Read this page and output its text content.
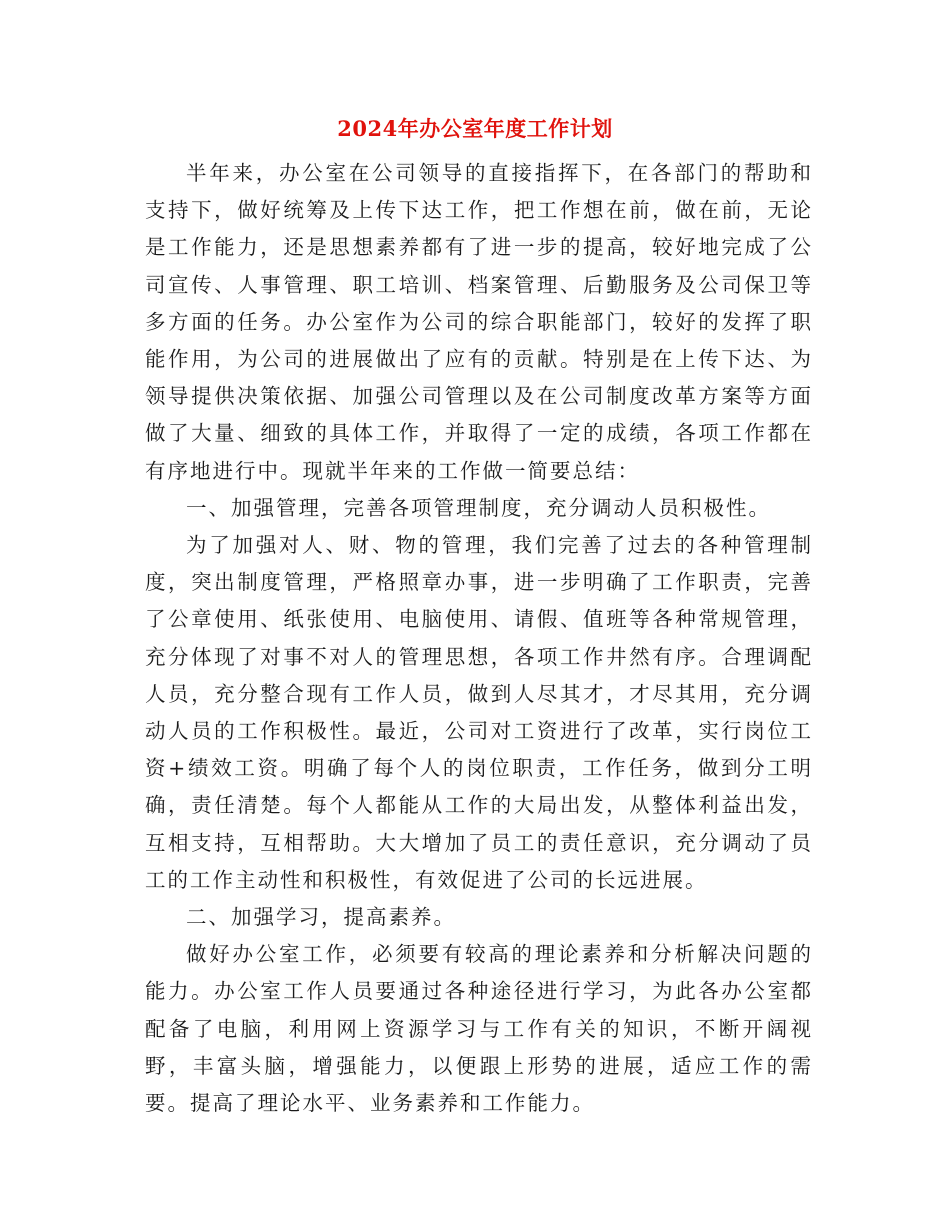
2024年办公室年度工作计划

半年来，办公室在公司领导的直接指挥下，在各部门的帮助和支持下，做好统筹及上传下达工作，把工作想在前，做在前，无论是工作能力，还是思想素养都有了进一步的提高，较好地完成了公司宣传、人事管理、职工培训、档案管理、后勤服务及公司保卫等多方面的任务。办公室作为公司的综合职能部门，较好的发挥了职能作用，为公司的进展做出了应有的贡献。特别是在上传下达、为领导提供决策依据、加强公司管理以及在公司制度改革方案等方面做了大量、细致的具体工作，并取得了一定的成绩，各项工作都在有序地进行中。现就半年来的工作做一简要总结：

一、加强管理，完善各项管理制度，充分调动人员积极性。

为了加强对人、财、物的管理，我们完善了过去的各种管理制度，突出制度管理，严格照章办事，进一步明确了工作职责，完善了公章使用、纸张使用、电脑使用、请假、值班等各种常规管理，充分体现了对事不对人的管理思想，各项工作井然有序。合理调配人员，充分整合现有工作人员，做到人尽其才，才尽其用，充分调动人员的工作积极性。最近，公司对工资进行了改革，实行岗位工资+绩效工资。明确了每个人的岗位职责，工作任务，做到分工明确，责任清楚。每个人都能从工作的大局出发，从整体利益出发，互相支持，互相帮助。大大增加了员工的责任意识，充分调动了员工的工作主动性和积极性，有效促进了公司的长远进展。

二、加强学习，提高素养。

做好办公室工作，必须要有较高的理论素养和分析解决问题的能力。办公室工作人员要通过各种途径进行学习，为此各办公室都配备了电脑，利用网上资源学习与工作有关的知识，不断开阔视野，丰富头脑，增强能力，以便跟上形势的进展，适应工作的需要。提高了理论水平、业务素养和工作能力。
